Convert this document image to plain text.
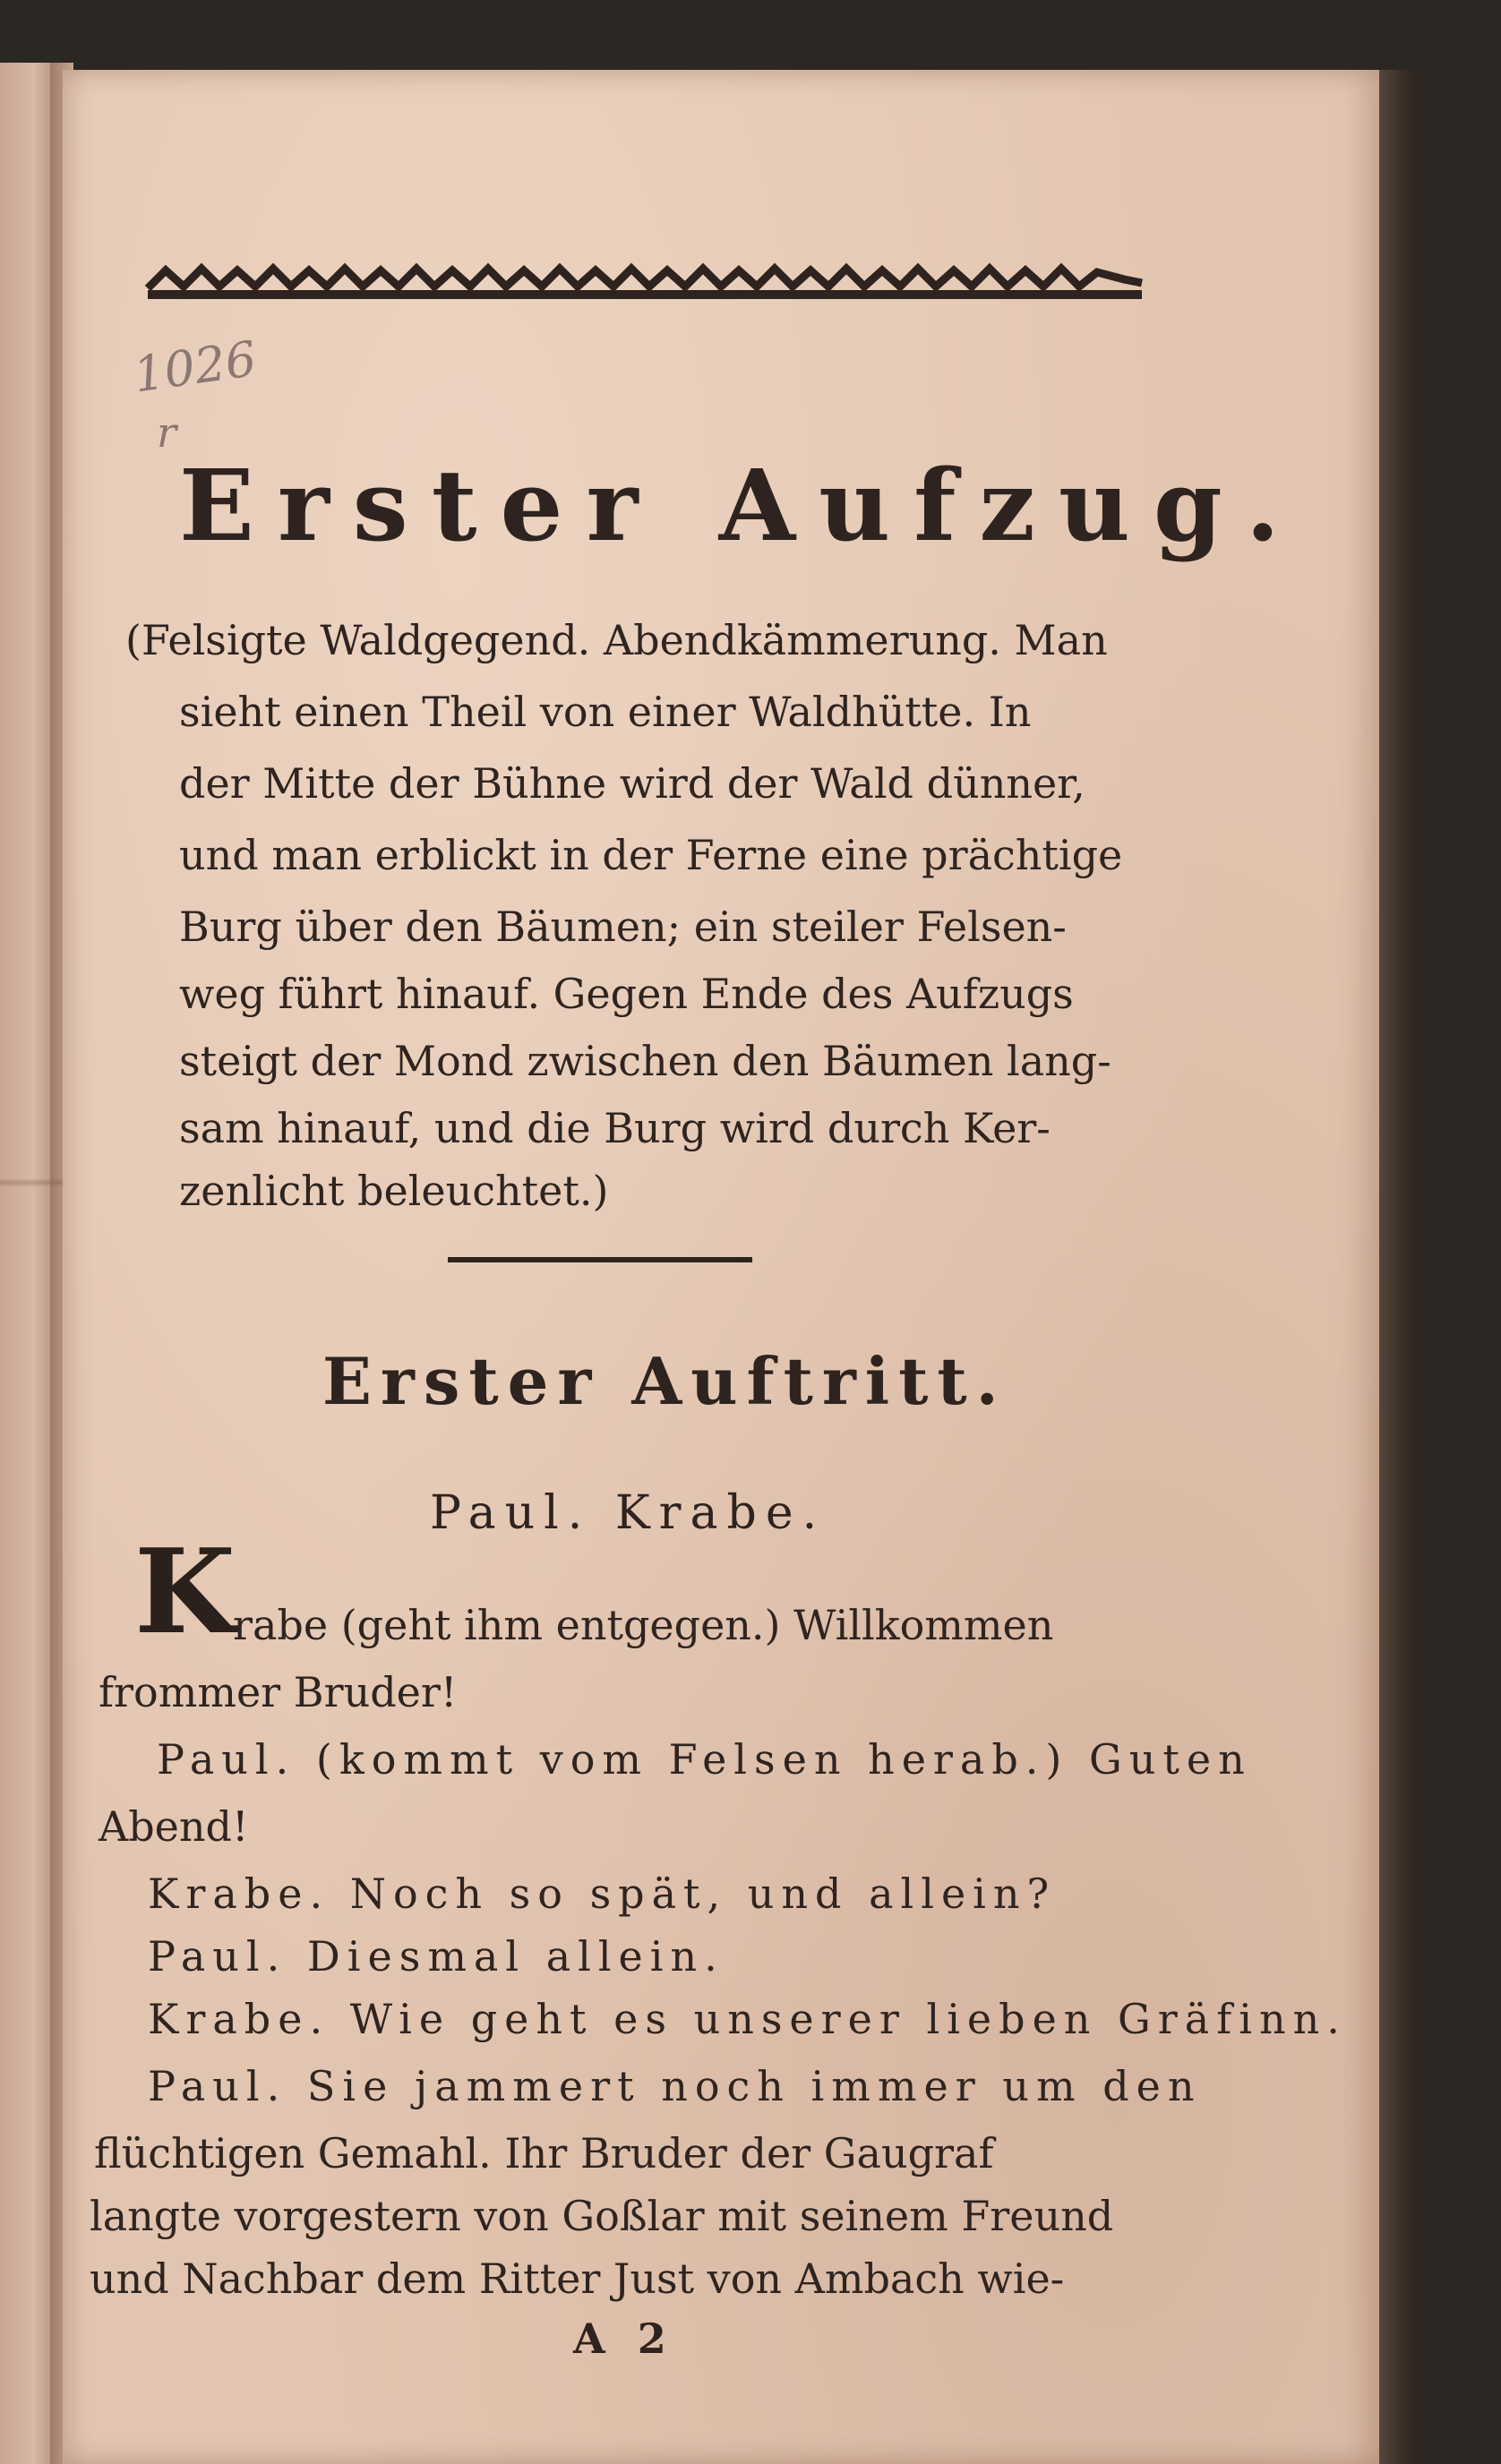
1026
r
Erster Aufzug.
(Felsigte Waldgegend. Abendkämmerung. Man
sieht einen Theil von einer Waldhütte. In
der Mitte der Bühne wird der Wald dünner,
und man erblickt in der Ferne eine prächtige
Burg über den Bäumen; ein steiler Felsen-
weg führt hinauf. Gegen Ende des Aufzugs
steigt der Mond zwischen den Bäumen lang-
sam hinauf, und die Burg wird durch Ker-
zenlicht beleuchtet.)
Erster Auftritt.
Paul. Krabe.
K
rabe (geht ihm entgegen.) Willkommen
frommer Bruder!
Paul. (kommt vom Felsen herab.) Guten
Abend!
Krabe. Noch so spät, und allein?
Paul. Diesmal allein.
Krabe. Wie geht es unserer lieben Gräfinn.
Paul. Sie jammert noch immer um den
flüchtigen Gemahl. Ihr Bruder der Gaugraf
langte vorgestern von Goßlar mit seinem Freund
und Nachbar dem Ritter Just von Ambach wie-
A 2
